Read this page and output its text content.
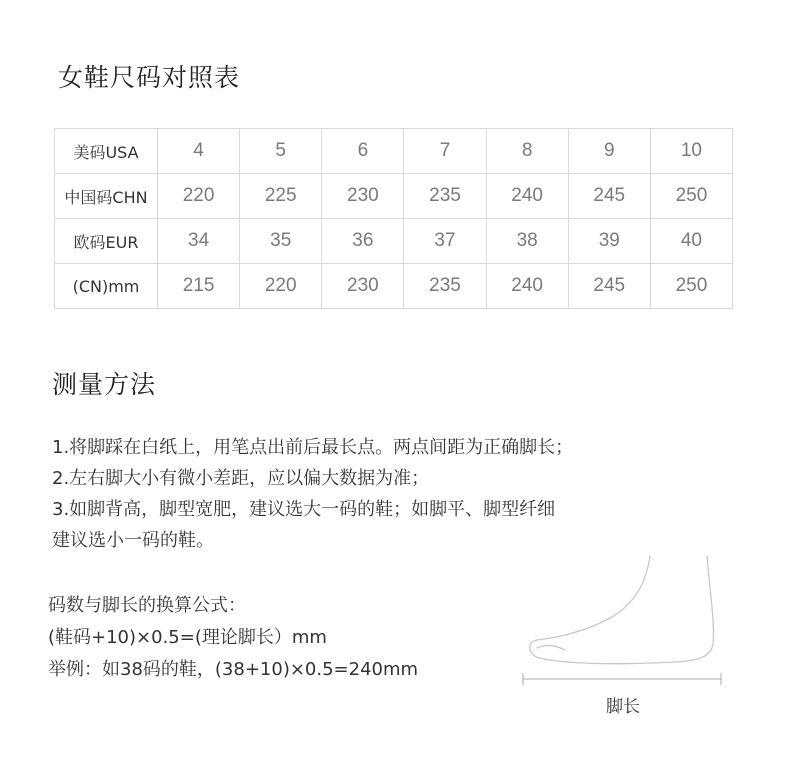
女鞋尺码对照表
美码USA	4	5	6	7	8	9	10
中国码CHN	220	225	230	235	240	245	250
欧码EUR	34	35	36	37	38	39	40
(CN)mm	215	220	230	235	240	245	250
测量方法
1.将脚踩在白纸上，用笔点出前后最长点。两点间距为正确脚长；
2.左右脚大小有微小差距，应以偏大数据为准；
3.如脚背高，脚型宽肥，建议选大一码的鞋；如脚平、脚型纤细
建议选小一码的鞋。
码数与脚长的换算公式：
(鞋码+10)×0.5=(理论脚长）mm
举例：如38码的鞋，(38+10)×0.5=240mm
脚长
